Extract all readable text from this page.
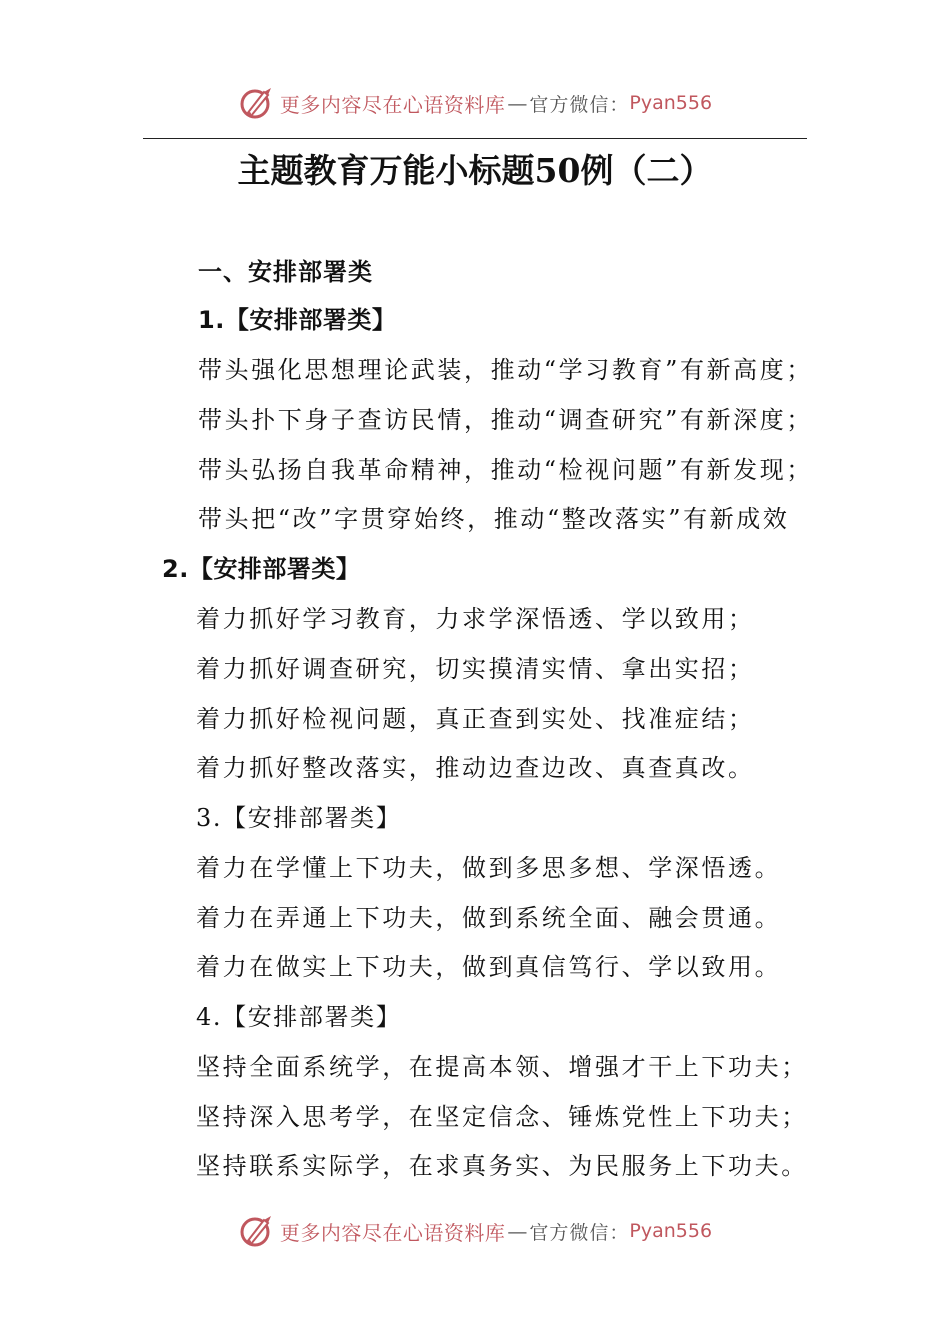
更多内容尽在心语资料库 — 官方微信： Pyan556
主题教育万能小标题50例（二）
一、安排部署类
1.【安排部署类】
带头强化思想理论武装，推动“学习教育”有新高度；
带头扑下身子查访民情，推动“调查研究”有新深度；
带头弘扬自我革命精神，推动“检视问题”有新发现；
带头把“改”字贯穿始终，推动“整改落实”有新成效
2.【安排部署类】
着力抓好学习教育，力求学深悟透、学以致用；
着力抓好调查研究，切实摸清实情、拿出实招；
着力抓好检视问题，真正查到实处、找准症结；
着力抓好整改落实，推动边查边改、真查真改。
3.【安排部署类】
着力在学懂上下功夫，做到多思多想、学深悟透。
着力在弄通上下功夫，做到系统全面、融会贯通。
着力在做实上下功夫，做到真信笃行、学以致用。
4.【安排部署类】
坚持全面系统学，在提高本领、增强才干上下功夫；
坚持深入思考学，在坚定信念、锤炼党性上下功夫；
坚持联系实际学，在求真务实、为民服务上下功夫。
更多内容尽在心语资料库 — 官方微信： Pyan556
